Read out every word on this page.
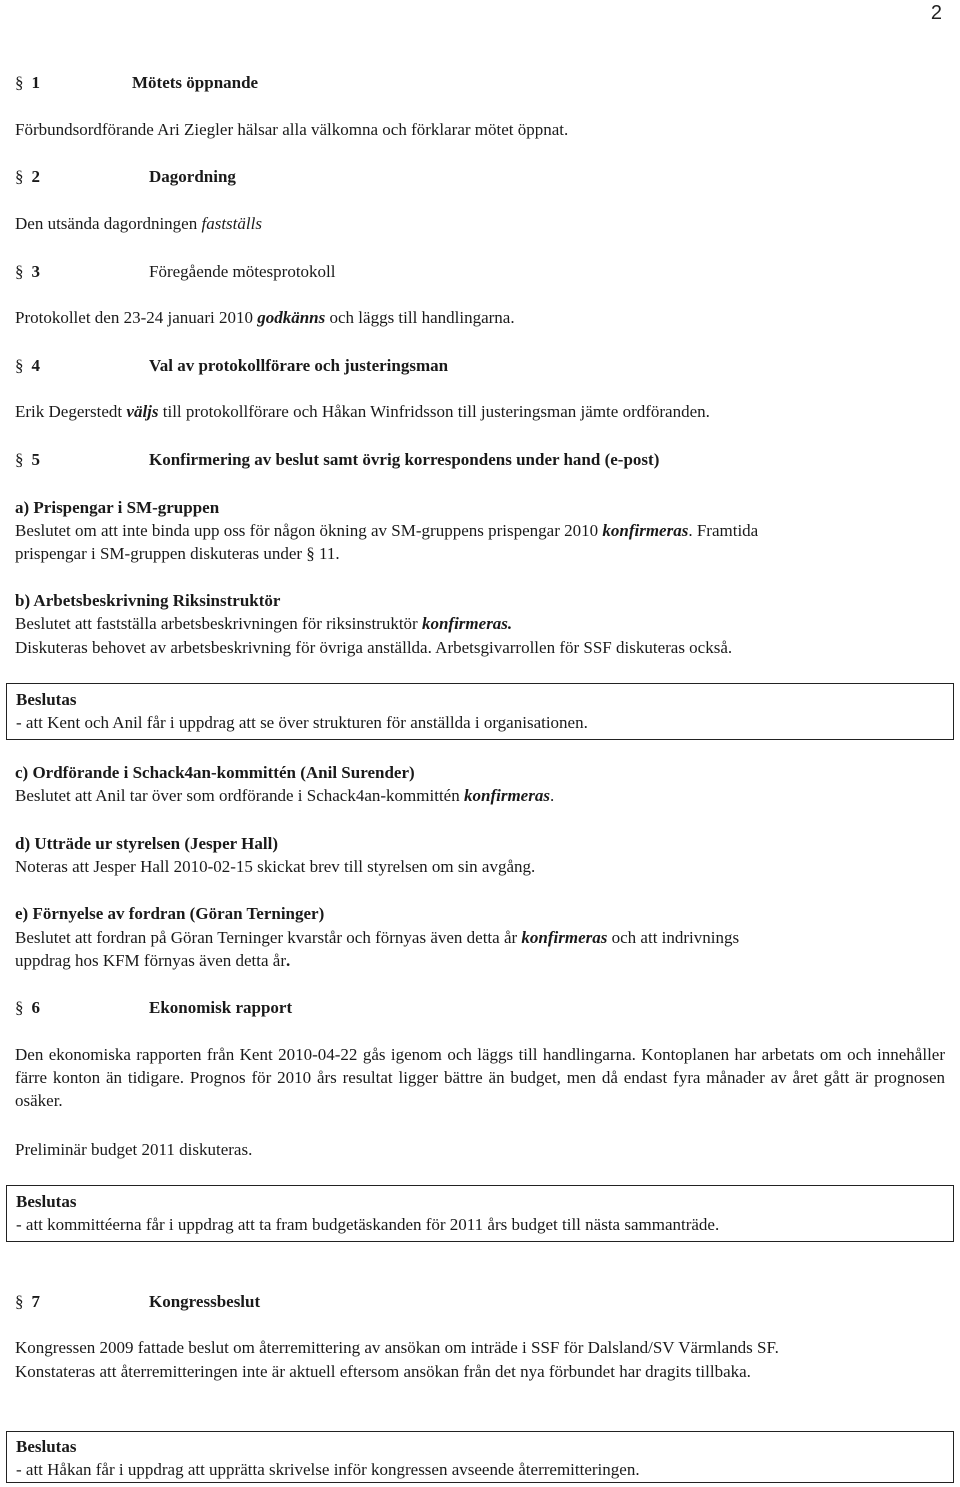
2
§ 1	Mötets öppnande
Förbundsordförande Ari Ziegler hälsar alla välkomna och förklarar mötet öppnat.
§ 2	Dagordning
Den utsända dagordningen fastställs
§ 3	Föregående mötesprotokoll
Protokollet den 23-24 januari 2010 godkänns och läggs till handlingarna.
§ 4	Val av protokollförare och justeringsman
Erik Degerstedt väljs till protokollförare och Håkan Winfridsson till justeringsman jämte ordföranden.
§ 5	Konfirmering av beslut samt övrig korrespondens under hand (e-post)
a) Prispengar i SM-gruppen
Beslutet om att inte binda upp oss för någon ökning av SM-gruppens prispengar 2010 konfirmeras. Framtida
prispengar i SM-gruppen diskuteras under § 11.
b) Arbetsbeskrivning Riksinstruktör
Beslutet att fastställa arbetsbeskrivningen för riksinstruktör konfirmeras.
Diskuteras behovet av arbetsbeskrivning för övriga anställda. Arbetsgivarrollen för SSF diskuteras också.
Beslutas
- att Kent och Anil får i uppdrag att se över strukturen för anställda i organisationen.
c) Ordförande i Schack4an-kommittén (Anil Surender)
Beslutet att Anil tar över som ordförande i Schack4an-kommittén konfirmeras.
d) Utträde ur styrelsen (Jesper Hall)
Noteras att Jesper Hall 2010-02-15 skickat brev till styrelsen om sin avgång.
e) Förnyelse av fordran (Göran Terninger)
Beslutet att fordran på Göran Terninger kvarstår och förnyas även detta år konfirmeras och att indrivnings
uppdrag hos KFM förnyas även detta år.
§ 6	Ekonomisk rapport
Den ekonomiska rapporten från Kent 2010-04-22 gås igenom och läggs till handlingarna. Kontoplanen har arbetats om och innehåller färre konton än tidigare. Prognos för 2010 års resultat ligger bättre än budget, men då endast fyra månader av året gått är prognosen osäker.
Preliminär budget 2011 diskuteras.
Beslutas
- att kommittéerna får i uppdrag att ta fram budgetäskanden för 2011 års budget till nästa sammanträde.
§ 7	Kongressbeslut
Kongressen 2009 fattade beslut om återremittering av ansökan om inträde i SSF för Dalsland/SV Värmlands SF.
Konstateras att återremitteringen inte är aktuell eftersom ansökan från det nya förbundet har dragits tillbaka.
Beslutas
- att Håkan får i uppdrag att upprätta skrivelse inför kongressen avseende återremitteringen.
